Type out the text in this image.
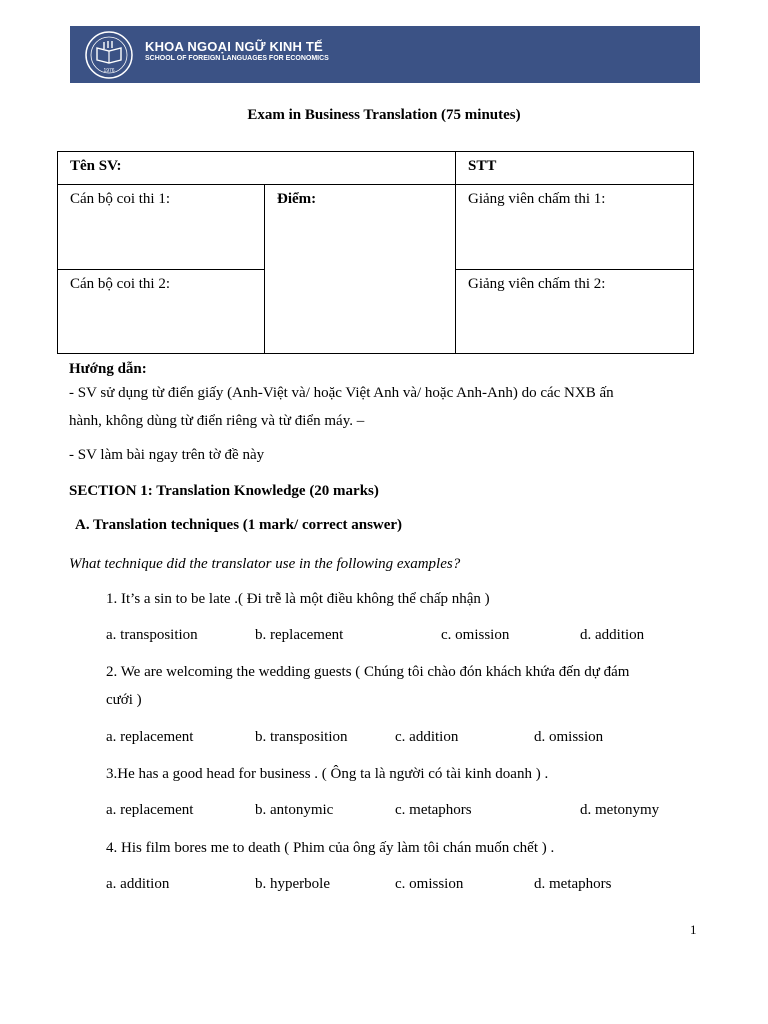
1976
KHOA NGOẠI NGỮ KINH TẾ
SCHOOL OF FOREIGN LANGUAGES FOR ECONOMICS
Exam in Business Translation (75 minutes)
Tên SV:		STT
Cán bộ coi thi 1:	Điểm:	Giảng viên chấm thi 1:
Cán bộ coi thi 2:		Giảng viên chấm thi 2:
Hướng dẫn:
- SV sử dụng từ điển giấy (Anh-Việt và/ hoặc Việt Anh và/ hoặc Anh-Anh) do các NXB ấn
hành, không dùng từ điển riêng và từ điển máy. –
- SV làm bài ngay trên tờ đề này
SECTION 1: Translation Knowledge (20 marks)
A. Translation techniques (1 mark/ correct answer)
What technique did the translator use in the following examples?
1. It’s a sin to be late .( Đi trễ là một điều không thể chấp nhận )
a. transposition	b. replacement	c. omission	d. addition
2. We are welcoming the wedding guests ( Chúng tôi chào đón khách khứa đến dự đám
cưới )
a. replacement	b. transposition	c. addition	d. omission
3.He has a good head for business . ( Ông ta là người có tài kinh doanh ) .
a. replacement	b. antonymic	c. metaphors	d. metonymy
4. His film bores me to death ( Phim của ông ấy làm tôi chán muốn chết ) .
a. addition	b. hyperbole	c. omission	d. metaphors
1
